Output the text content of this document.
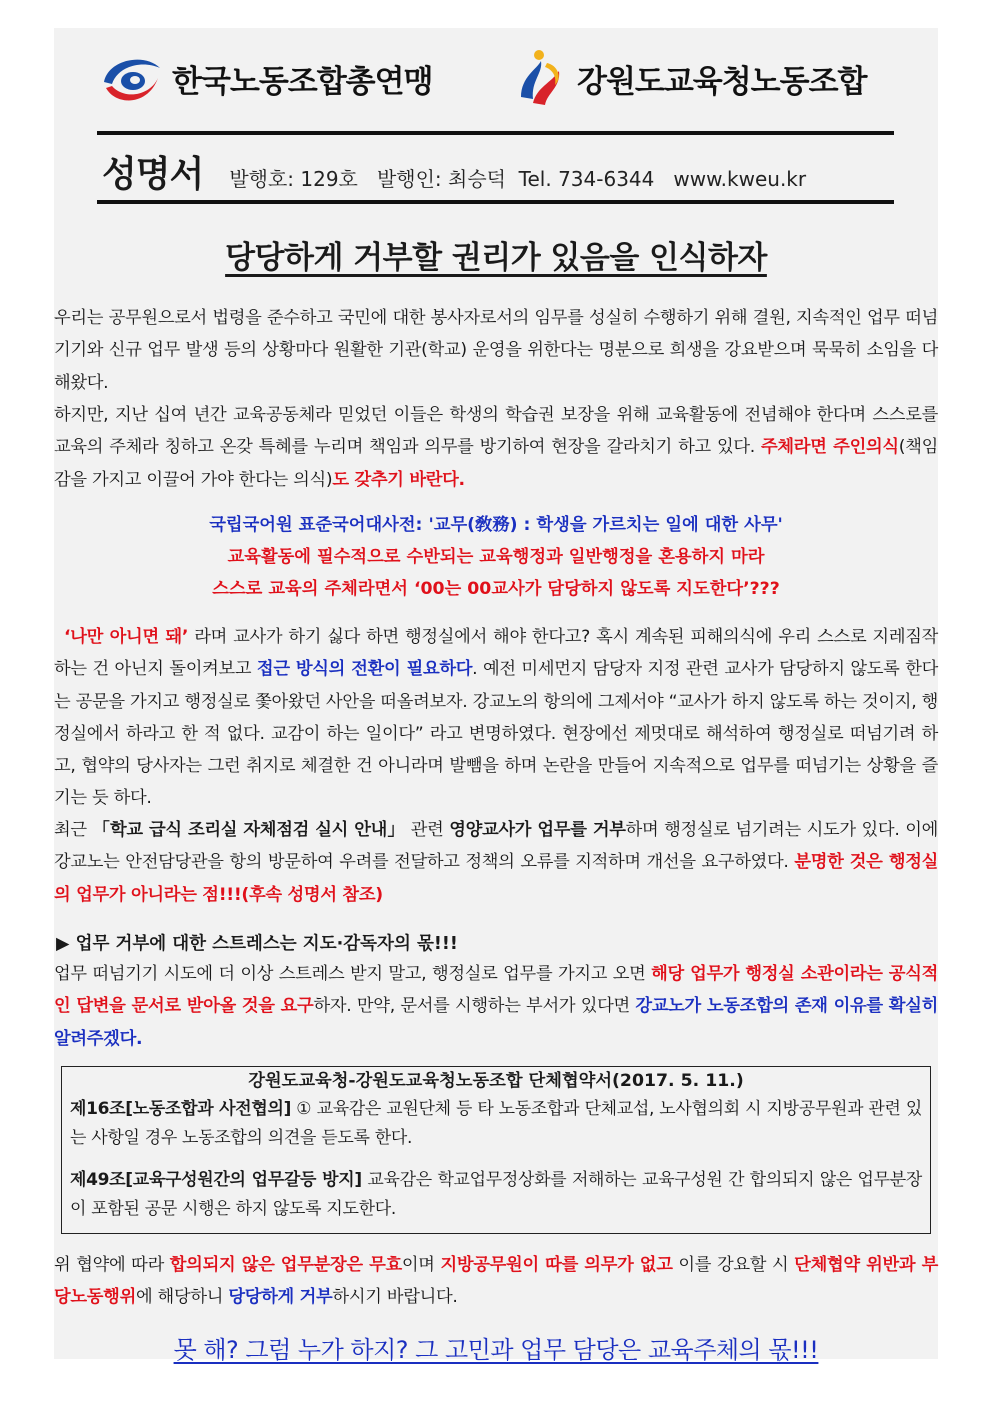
한국노동조합총연맹	강원도교육청노동조합
성명서 발행호: 129호   발행인: 최승덕  Tel. 734-6344   www.kweu.kr
당당하게 거부할 권리가 있음을 인식하자
우리는 공무원으로서 법령을 준수하고 국민에 대한 봉사자로서의 임무를 성실히 수행하기 위해 결원, 지속적인 업무 떠넘기기와 신규 업무 발생 등의 상황마다 원활한 기관(학교) 운영을 위한다는 명분으로 희생을 강요받으며 묵묵히 소임을 다해왔다.
하지만, 지난 십여 년간 교육공동체라 믿었던 이들은 학생의 학습권 보장을 위해 교육활동에 전념해야 한다며 스스로를 교육의 주체라 칭하고 온갖 특혜를 누리며 책임과 의무를 방기하여 현장을 갈라치기 하고 있다. 주체라면 주인의식(책임감을 가지고 이끌어 가야 한다는 의식)도 갖추기 바란다.
국립국어원 표준국어대사전: '교무(敎務) : 학생을 가르치는 일에 대한 사무'
교육활동에 필수적으로 수반되는 교육행정과 일반행정을 혼용하지 마라
스스로 교육의 주체라면서 ‘00는 00교사가 담당하지 않도록 지도한다’???
‘나만 아니면 돼’ 라며 교사가 하기 싫다 하면 행정실에서 해야 한다고? 혹시 계속된 피해의식에 우리 스스로 지레짐작하는 건 아닌지 돌이켜보고 접근 방식의 전환이 필요하다. 예전 미세먼지 담당자 지정 관련 교사가 담당하지 않도록 한다는 공문을 가지고 행정실로 쫓아왔던 사안을 떠올려보자. 강교노의 항의에 그제서야 “교사가 하지 않도록 하는 것이지, 행정실에서 하라고 한 적 없다. 교감이 하는 일이다” 라고 변명하였다. 현장에선 제멋대로 해석하여 행정실로 떠넘기려 하고, 협약의 당사자는 그런 취지로 체결한 건 아니라며 발뺌을 하며 논란을 만들어 지속적으로 업무를 떠넘기는 상황을 즐기는 듯 하다.
최근 「학교 급식 조리실 자체점검 실시 안내」 관련 영양교사가 업무를 거부하며 행정실로 넘기려는 시도가 있다. 이에 강교노는 안전담당관을 항의 방문하여 우려를 전달하고 정책의 오류를 지적하며 개선을 요구하였다. 분명한 것은 행정실의 업무가 아니라는 점!!!(후속 성명서 참조)
▶ 업무 거부에 대한 스트레스는 지도·감독자의 몫!!!
업무 떠넘기기 시도에 더 이상 스트레스 받지 말고, 행정실로 업무를 가지고 오면 해당 업무가 행정실 소관이라는 공식적인 답변을 문서로 받아올 것을 요구하자. 만약, 문서를 시행하는 부서가 있다면 강교노가 노동조합의 존재 이유를 확실히 알려주겠다.
강원도교육청-강원도교육청노동조합 단체협약서(2017. 5. 11.)
제16조[노동조합과 사전협의] ① 교육감은 교원단체 등 타 노동조합과 단체교섭, 노사협의회 시 지방공무원과 관련 있는 사항일 경우 노동조합의 의견을 듣도록 한다.
제49조[교육구성원간의 업무갈등 방지] 교육감은 학교업무정상화를 저해하는 교육구성원 간 합의되지 않은 업무분장이 포함된 공문 시행은 하지 않도록 지도한다.
위 협약에 따라 합의되지 않은 업무분장은 무효이며 지방공무원이 따를 의무가 없고 이를 강요할 시 단체협약 위반과 부당노동행위에 해당하니 당당하게 거부하시기 바랍니다.
못 해? 그럼 누가 하지? 그 고민과 업무 담당은 교육주체의 몫!!!
